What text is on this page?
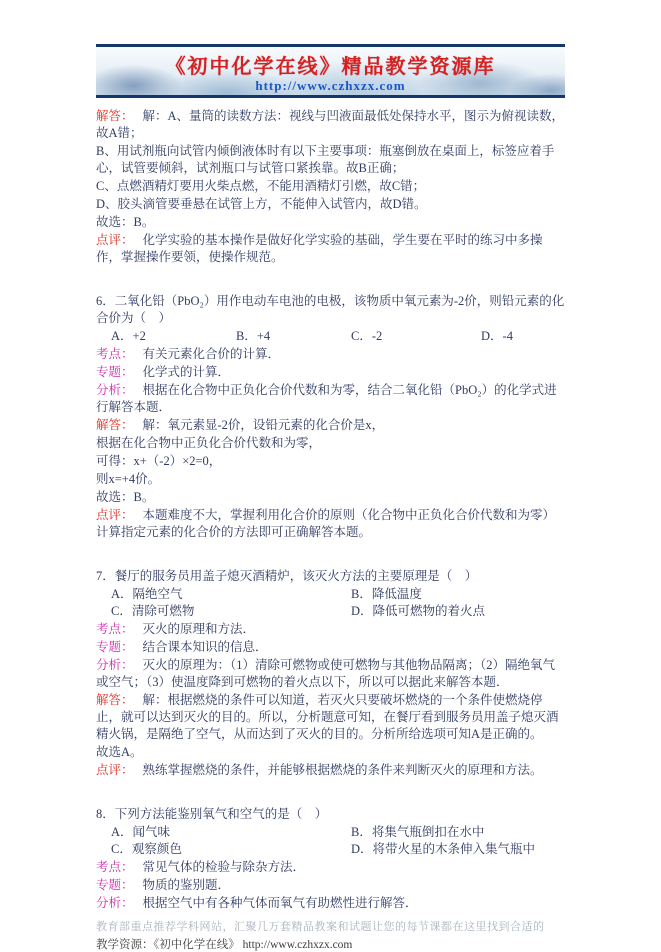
《初中化学在线》精品教学资源库
http://www.czhxzx.com
解答： 解：A、量筒的读数方法：视线与凹液面最低处保持水平，图示为俯视读数，故A错；
B、用试剂瓶向试管内倾倒液体时有以下主要事项：瓶塞倒放在桌面上，标签应着手心，试管要倾斜，试剂瓶口与试管口紧挨靠。故B正确；
C、点燃酒精灯要用火柴点燃，不能用酒精灯引燃，故C错；
D、胶头滴管要垂悬在试管上方，不能伸入试管内，故D错。
故选：B。
点评： 化学实验的基本操作是做好化学实验的基础，学生要在平时的练习中多操作，掌握操作要领，使操作规范。
6．二氧化铅（PbO₂）用作电动车电池的电极，该物质中氧元素为-2价，则铅元素的化合价为（　）
A．+2	B．+4	C．-2	D．-4
考点： 有关元素化合价的计算．
专题： 化学式的计算．
分析： 根据在化合物中正负化合价代数和为零，结合二氧化铅（PbO₂）的化学式进行解答本题．
解答： 解：氧元素显-2价，设铅元素的化合价是x，
根据在化合物中正负化合价代数和为零，
可得：x+（-2）×2=0，
则x=+4价。
故选：B。
点评： 本题难度不大，掌握利用化合价的原则（化合物中正负化合价代数和为零）计算指定元素的化合价的方法即可正确解答本题。
7．餐厅的服务员用盖子熄灭酒精炉，该灭火方法的主要原理是（　）
A．隔绝空气	B．降低温度
C．清除可燃物	D．降低可燃物的着火点
考点： 灭火的原理和方法．
专题： 结合课本知识的信息．
分析： 灭火的原理为：（1）清除可燃物或使可燃物与其他物品隔离；（2）隔绝氧气或空气；（3）使温度降到可燃物的着火点以下，所以可以据此来解答本题．
解答： 解：根据燃烧的条件可以知道，若灭火只要破坏燃烧的一个条件使燃烧停止，就可以达到灭火的目的。所以，分析题意可知，在餐厅看到服务员用盖子熄灭酒精火锅，是隔绝了空气，从而达到了灭火的目的。分析所给选项可知A是正确的。
故选A。
点评： 熟练掌握燃烧的条件，并能够根据燃烧的条件来判断灭火的原理和方法。
8．下列方法能鉴别氧气和空气的是（　）
A．闻气味	B．将集气瓶倒扣在水中
C．观察颜色	D．将带火星的木条伸入集气瓶中
考点： 常见气体的检验与除杂方法．
专题： 物质的鉴别题．
分析： 根据空气中有各种气体而氧气有助燃性进行解答．
教育部重点推荐学科网站，汇聚几万套精品教案和试题让您的每节课都在这里找到合适的
教学资源：《初中化学在线》 http://www.czhxzx.com
